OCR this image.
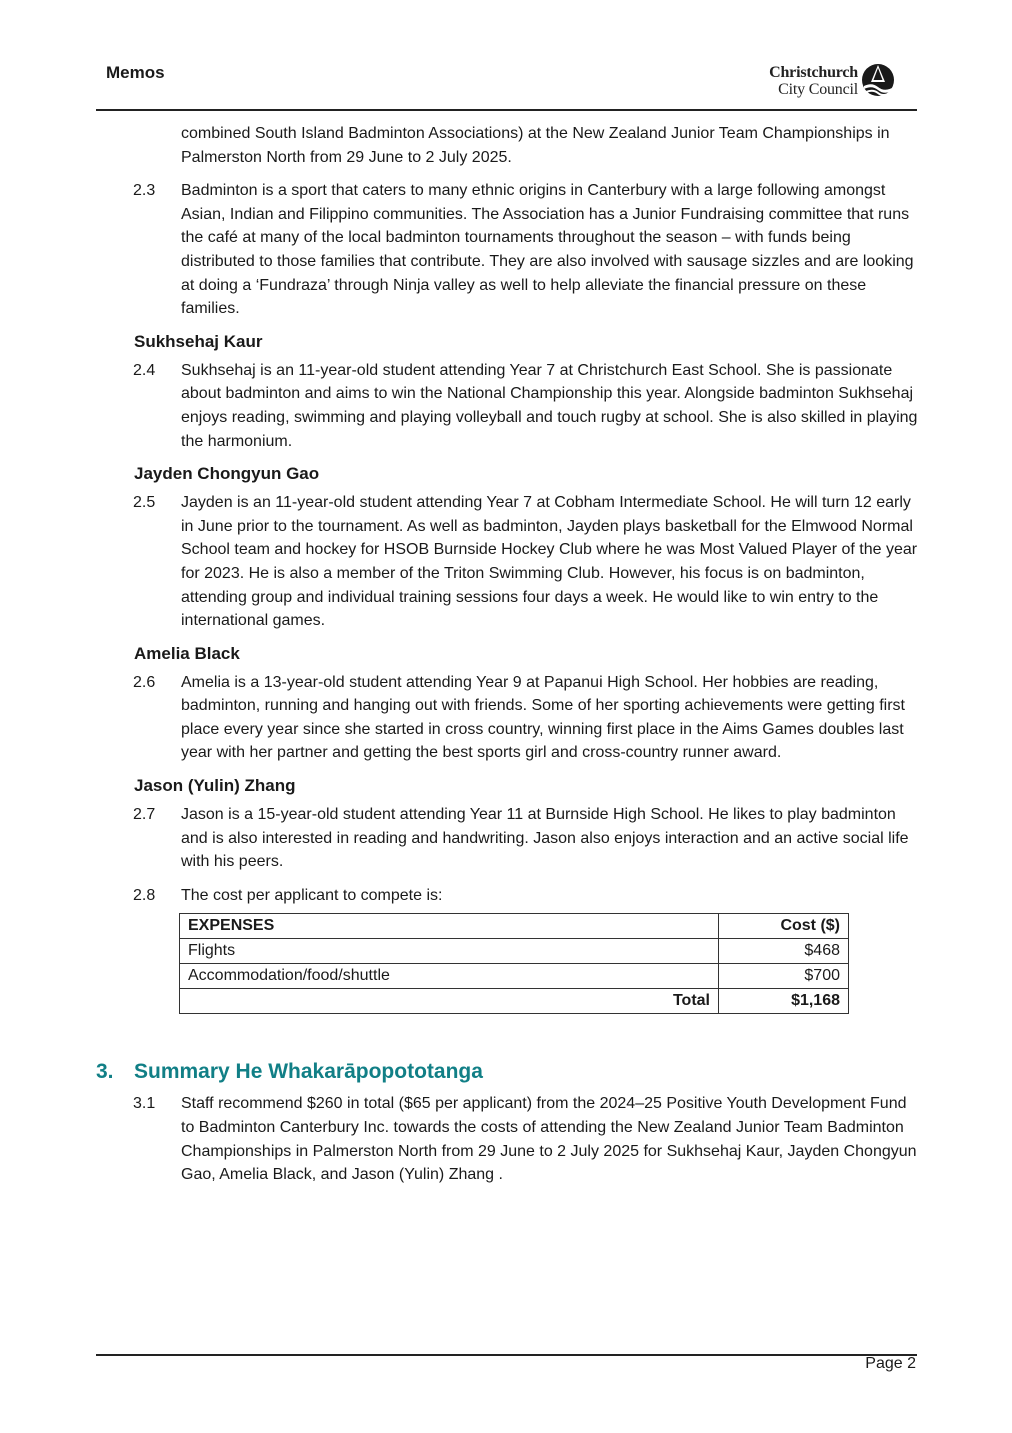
Memos	Christchurch
City Council

combined South Island Badminton Associations) at the New Zealand Junior Team Championships in Palmerston North from 29 June to 2 July 2025.

2.3 Badminton is a sport that caters to many ethnic origins in Canterbury with a large following amongst Asian, Indian and Filippino communities. The Association has a Junior Fundraising committee that runs the café at many of the local badminton tournaments throughout the season – with funds being distributed to those families that contribute. They are also involved with sausage sizzles and are looking at doing a ‘Fundraza’ through Ninja valley as well to help alleviate the financial pressure on these families.

Sukhsehaj Kaur

2.4 Sukhsehaj is an 11-year-old student attending Year 7 at Christchurch East School. She is passionate about badminton and aims to win the National Championship this year. Alongside badminton Sukhsehaj enjoys reading, swimming and playing volleyball and touch rugby at school. She is also skilled in playing the harmonium.

Jayden Chongyun Gao

2.5 Jayden is an 11-year-old student attending Year 7 at Cobham Intermediate School. He will turn 12 early in June prior to the tournament. As well as badminton, Jayden plays basketball for the Elmwood Normal School team and hockey for HSOB Burnside Hockey Club where he was Most Valued Player of the year for 2023. He is also a member of the Triton Swimming Club. However, his focus is on badminton, attending group and individual training sessions four days a week. He would like to win entry to the international games.

Amelia Black

2.6 Amelia is a 13-year-old student attending Year 9 at Papanui High School. Her hobbies are reading, badminton, running and hanging out with friends. Some of her sporting achievements were getting first place every year since she started in cross country, winning first place in the Aims Games doubles last year with her partner and getting the best sports girl and cross-country runner award.

Jason (Yulin) Zhang

2.7 Jason is a 15-year-old student attending Year 11 at Burnside High School. He likes to play badminton and is also interested in reading and handwriting. Jason also enjoys interaction and an active social life with his peers.

2.8 The cost per applicant to compete is:

EXPENSES	Cost ($)
Flights	$468
Accommodation/food/shuttle	$700
Total	$1,168
3. Summary He Whakarāpopototanga

3.1 Staff recommend $260 in total ($65 per applicant) from the 2024–25 Positive Youth Development Fund to Badminton Canterbury Inc. towards the costs of attending the New Zealand Junior Team Badminton Championships in Palmerston North from 29 June to 2 July 2025 for Sukhsehaj Kaur, Jayden Chongyun Gao, Amelia Black, and Jason (Yulin) Zhang .

Page 2
